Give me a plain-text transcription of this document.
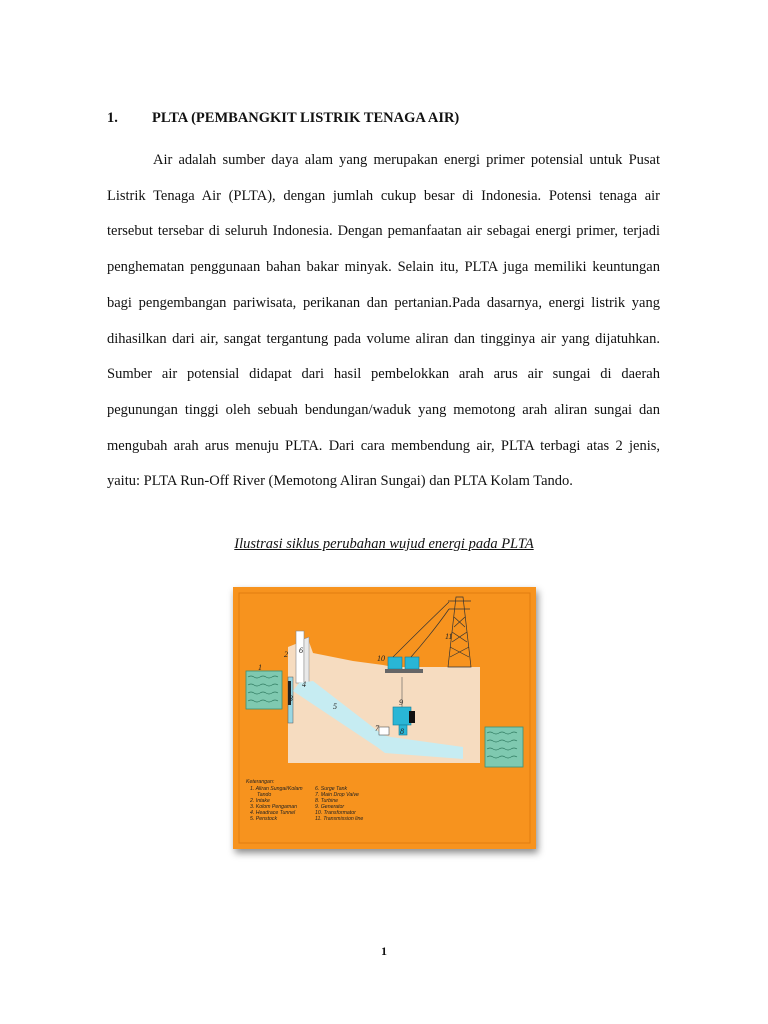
1. PLTA (PEMBANGKIT LISTRIK TENAGA AIR)

Air adalah sumber daya alam yang merupakan energi primer potensial untuk Pusat Listrik Tenaga Air (PLTA), dengan jumlah cukup besar di Indonesia. Potensi tenaga air tersebut tersebar di seluruh Indonesia. Dengan pemanfaatan air sebagai energi primer, terjadi penghematan penggunaan bahan bakar minyak. Selain itu, PLTA juga memiliki keuntungan bagi pengembangan pariwisata, perikanan dan pertanian.Pada dasarnya, energi listrik yang dihasilkan dari air, sangat tergantung pada volume aliran dan tingginya air yang dijatuhkan. Sumber air potensial didapat dari hasil pembelokkan arah arus air sungai di daerah pegunungan tinggi oleh sebuah bendungan/waduk yang memotong arah aliran sungai dan mengubah arah arus menuju PLTA. Dari cara membendung air, PLTA terbagi atas 2 jenis, yaitu: PLTA Run-Off River (Memotong Aliran Sungai) dan PLTA Kolam Tando.

Ilustrasi siklus perubahan wujud energi pada PLTA
1
2
3
4
5
6
7	8
9
10
11
Keterangan:
1. Aliran Sungai/Kolam
Tando
2. Intake
3. Kolom Pengaman
4. Headrace Tunnel
5. Penstock
6. Surge Tank
7. Main Drop Valve
8. Turbine
9. Generator
10. Transformator
11. Transmission line
1
